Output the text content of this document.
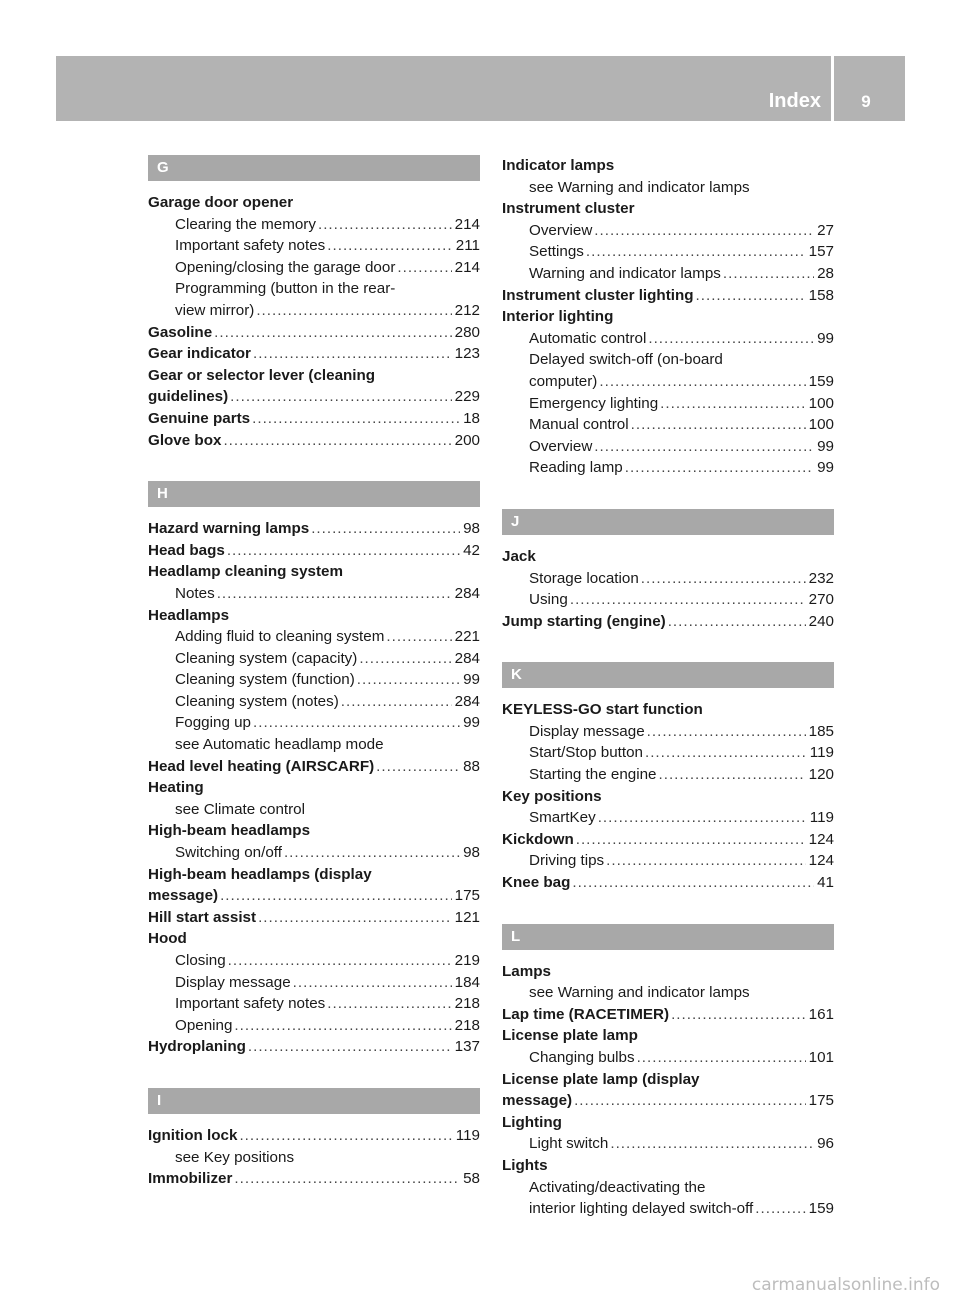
Index	9
G
Garage door opener
Clearing the memory .....	214
Important safety notes .....	211
Opening/closing the garage door .....	214
Programming (button in the rear-
view mirror) .....	212
Gasoline .....	280
Gear indicator .....	123
Gear or selector lever (cleaning
guidelines) .....	229
Genuine parts .....	18
Glove box .....	200
H
Hazard warning lamps .....	98
Head bags .....	42
Headlamp cleaning system
Notes .....	284
Headlamps
Adding fluid to cleaning system .....	221
Cleaning system (capacity) .....	284
Cleaning system (function) .....	99
Cleaning system (notes) .....	284
Fogging up .....	99
see Automatic headlamp mode
Head level heating (AIRSCARF) .....	88
Heating
see Climate control
High-beam headlamps
Switching on/off .....	98
High-beam headlamps (display
message) .....	175
Hill start assist .....	121
Hood
Closing .....	219
Display message .....	184
Important safety notes .....	218
Opening .....	218
Hydroplaning .....	137
I
Ignition lock .....	119
see Key positions
Immobilizer .....	58
Indicator lamps
see Warning and indicator lamps
Instrument cluster
Overview .....	27
Settings .....	157
Warning and indicator lamps .....	28
Instrument cluster lighting .....	158
Interior lighting
Automatic control .....	99
Delayed switch-off (on-board
computer) .....	159
Emergency lighting .....	100
Manual control .....	100
Overview .....	99
Reading lamp .....	99
J
Jack
Storage location .....	232
Using .....	270
Jump starting (engine) .....	240
K
KEYLESS-GO start function
Display message .....	185
Start/Stop button .....	119
Starting the engine .....	120
Key positions
SmartKey .....	119
Kickdown .....	124
Driving tips .....	124
Knee bag .....	41
L
Lamps
see Warning and indicator lamps
Lap time (RACETIMER) .....	161
License plate lamp
Changing bulbs .....	101
License plate lamp (display
message) .....	175
Lighting
Light switch .....	96
Lights
Activating/deactivating the
interior lighting delayed switch-off .....	159
carmanualsonline.info
